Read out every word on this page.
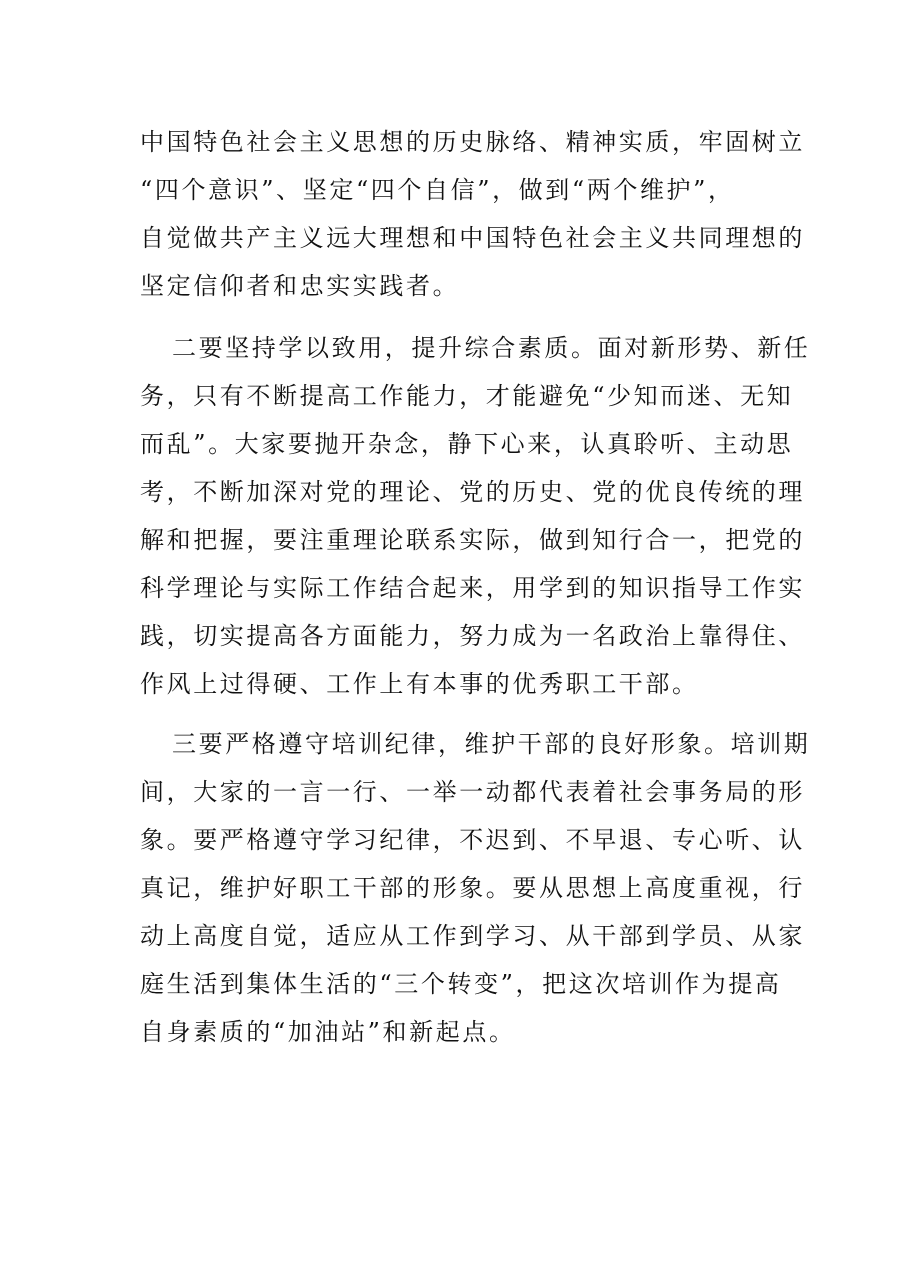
中国特色社会主义思想的历史脉络、精神实质，牢固树立
“四个意识”、坚定“四个自信”，做到“两个维护”，
自觉做共产主义远大理想和中国特色社会主义共同理想的
坚定信仰者和忠实实践者。
二要坚持学以致用，提升综合素质。面对新形势、新任
务，只有不断提高工作能力，才能避免“少知而迷、无知
而乱”。大家要抛开杂念，静下心来，认真聆听、主动思
考，不断加深对党的理论、党的历史、党的优良传统的理
解和把握，要注重理论联系实际，做到知行合一，把党的
科学理论与实际工作结合起来，用学到的知识指导工作实
践，切实提高各方面能力，努力成为一名政治上靠得住、
作风上过得硬、工作上有本事的优秀职工干部。
三要严格遵守培训纪律，维护干部的良好形象。培训期
间，大家的一言一行、一举一动都代表着社会事务局的形
象。要严格遵守学习纪律，不迟到、不早退、专心听、认
真记，维护好职工干部的形象。要从思想上高度重视，行
动上高度自觉，适应从工作到学习、从干部到学员、从家
庭生活到集体生活的“三个转变”，把这次培训作为提高
自身素质的“加油站”和新起点。
